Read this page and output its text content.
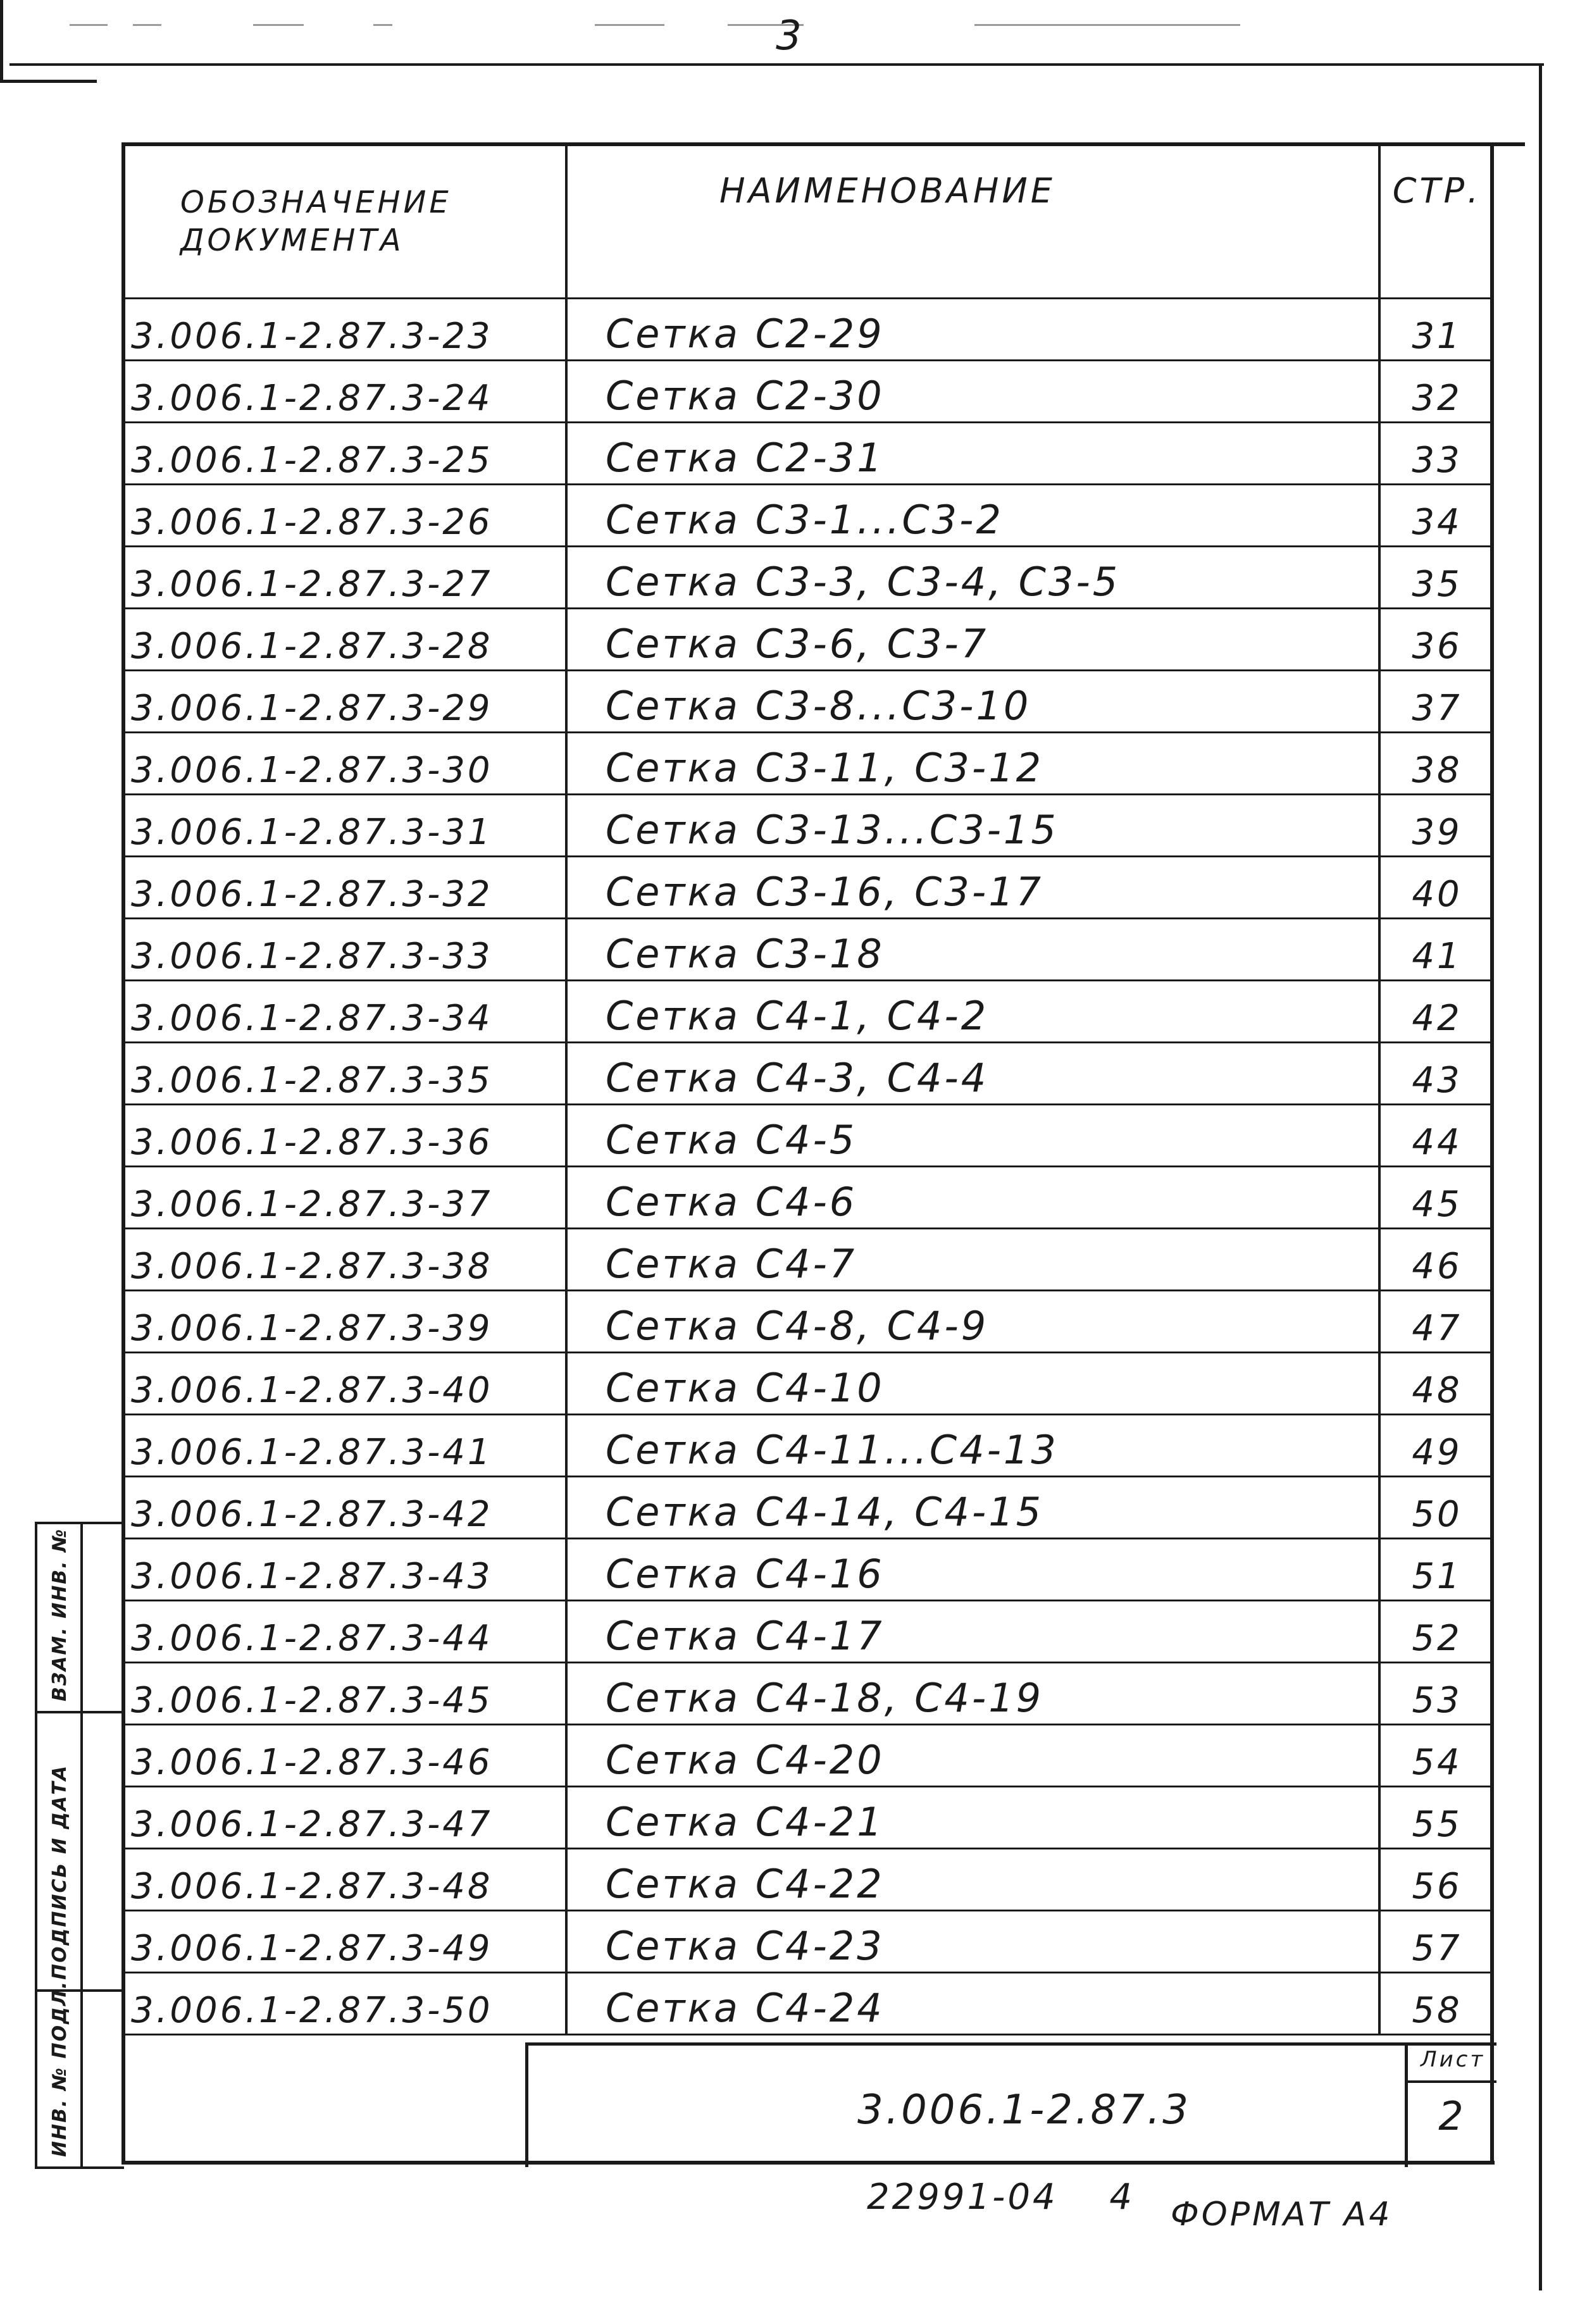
3
ОБОЗНАЧЕНИЕ ДОКУМЕНТА	НАИМЕНОВАНИЕ	СТР.

3.006.1-2.87.3-23	Сетка С2-29	31
3.006.1-2.87.3-24	Сетка С2-30	32
3.006.1-2.87.3-25	Сетка С2-31	33
3.006.1-2.87.3-26	Сетка С3-1...С3-2	34
3.006.1-2.87.3-27	Сетка С3-3, С3-4, С3-5	35
3.006.1-2.87.3-28	Сетка С3-6, С3-7	36
3.006.1-2.87.3-29	Сетка С3-8...С3-10	37
3.006.1-2.87.3-30	Сетка С3-11, С3-12	38
3.006.1-2.87.3-31	Сетка С3-13...С3-15	39
3.006.1-2.87.3-32	Сетка С3-16, С3-17	40
3.006.1-2.87.3-33	Сетка С3-18	41
3.006.1-2.87.3-34	Сетка С4-1, С4-2	42
3.006.1-2.87.3-35	Сетка С4-3, С4-4	43
3.006.1-2.87.3-36	Сетка С4-5	44
3.006.1-2.87.3-37	Сетка С4-6	45
3.006.1-2.87.3-38	Сетка С4-7	46
3.006.1-2.87.3-39	Сетка С4-8, С4-9	47
3.006.1-2.87.3-40	Сетка С4-10	48
3.006.1-2.87.3-41	Сетка С4-11...С4-13	49
3.006.1-2.87.3-42	Сетка С4-14, С4-15	50
3.006.1-2.87.3-43	Сетка С4-16	51
3.006.1-2.87.3-44	Сетка С4-17	52
3.006.1-2.87.3-45	Сетка С4-18, С4-19	53
3.006.1-2.87.3-46	Сетка С4-20	54
3.006.1-2.87.3-47	Сетка С4-21	55
3.006.1-2.87.3-48	Сетка С4-22	56
3.006.1-2.87.3-49	Сетка С4-23	57
3.006.1-2.87.3-50	Сетка С4-24	58
ВЗАМ. ИНВ. №
ПОДПИСЬ И ДАТА
ИНВ. № ПОДЛ.	3.006.1-2.87.3
Лист
2
22991-04 4 ФОРМАТ А4
